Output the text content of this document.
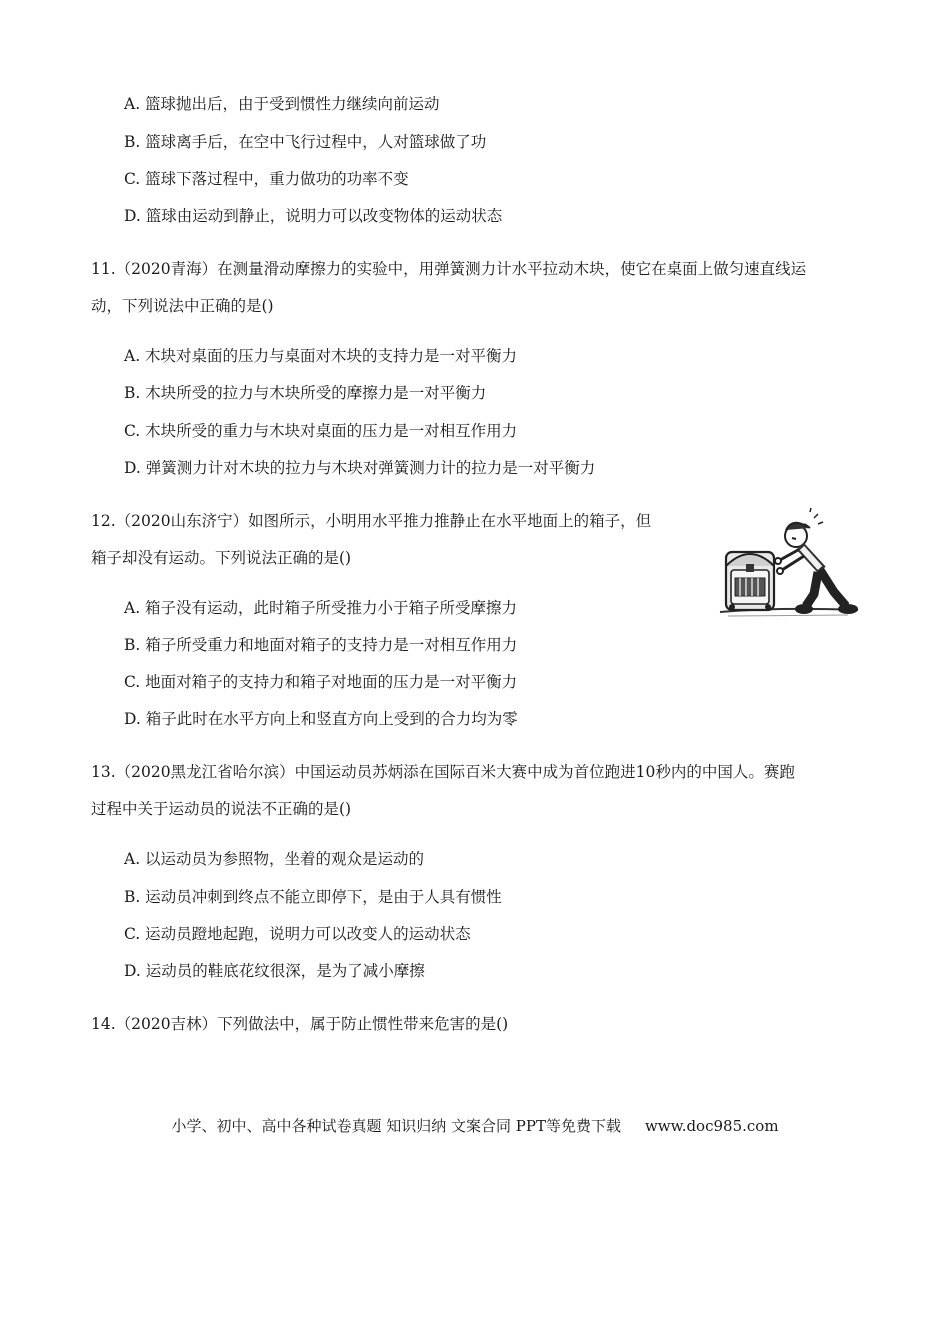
A. 篮球抛出后，由于受到惯性力继续向前运动
B. 篮球离手后，在空中飞行过程中，人对篮球做了功
C. 篮球下落过程中，重力做功的功率不变
D. 篮球由运动到静止，说明力可以改变物体的运动状态
11.（2020青海）在测量滑动摩擦力的实验中，用弹簧测力计水平拉动木块，使它在桌面上做匀速直线运
动，下列说法中正确的是()
A. 木块对桌面的压力与桌面对木块的支持力是一对平衡力
B. 木块所受的拉力与木块所受的摩擦力是一对平衡力
C. 木块所受的重力与木块对桌面的压力是一对相互作用力
D. 弹簧测力计对木块的拉力与木块对弹簧测力计的拉力是一对平衡力
12.（2020山东济宁）如图所示，小明用水平推力推静止在水平地面上的箱子，但
箱子却没有运动。下列说法正确的是()
A. 箱子没有运动，此时箱子所受推力小于箱子所受摩擦力
B. 箱子所受重力和地面对箱子的支持力是一对相互作用力
C. 地面对箱子的支持力和箱子对地面的压力是一对平衡力
D. 箱子此时在水平方向上和竖直方向上受到的合力均为零
13.（2020黑龙江省哈尔滨）中国运动员苏炳添在国际百米大赛中成为首位跑进10秒内的中国人。赛跑
过程中关于运动员的说法不正确的是()
A. 以运动员为参照物，坐着的观众是运动的
B. 运动员冲刺到终点不能立即停下，是由于人具有惯性
C. 运动员蹬地起跑，说明力可以改变人的运动状态
D. 运动员的鞋底花纹很深，是为了减小摩擦
14.（2020吉林）下列做法中，属于防止惯性带来危害的是()
小学、初中、高中各种试卷真题 知识归纳 文案合同 PPT等免费下载 www.doc985.com
